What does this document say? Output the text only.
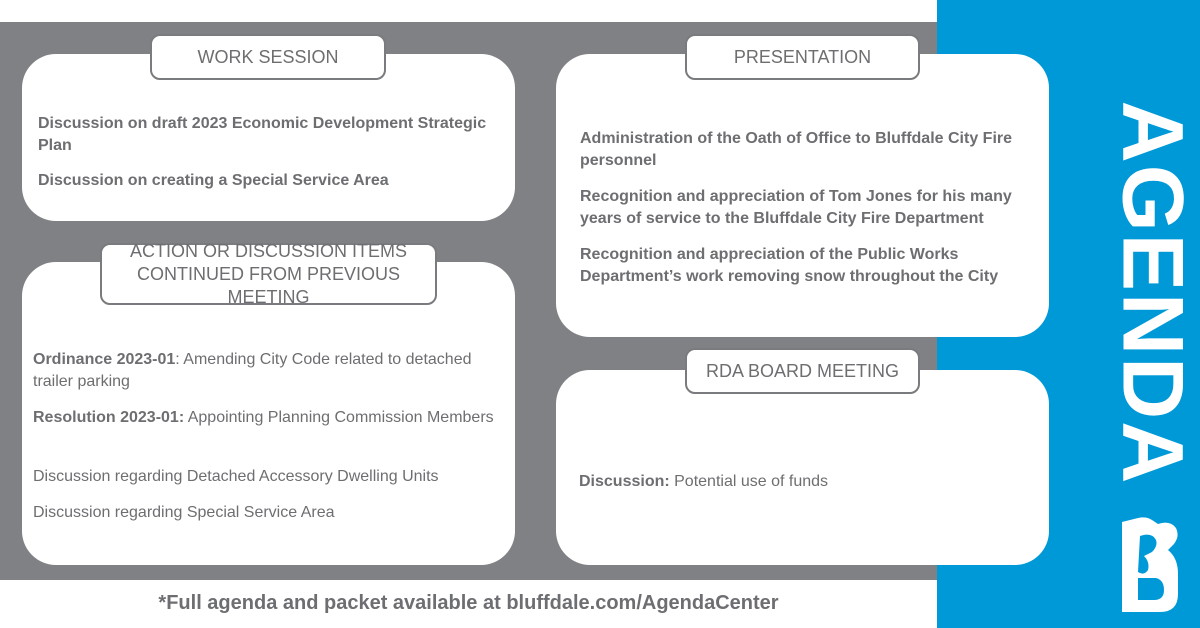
AGENDA
WORK SESSION
Discussion on draft 2023 Economic Development Strategic Plan
Discussion on creating a Special Service Area
PRESENTATION
Administration of the Oath of Office to Bluffdale City Fire personnel
Recognition and appreciation of Tom Jones for his many years of service to the Bluffdale City Fire Department
Recognition and appreciation of the Public Works Department’s work removing snow throughout the City
ACTION OR DISCUSSION ITEMS
CONTINUED FROM PREVIOUS MEETING
Ordinance 2023-01: Amending City Code related to detached trailer parking
Resolution 2023-01: Appointing Planning Commission Members
Discussion regarding Detached Accessory Dwelling Units
Discussion regarding Special Service Area
RDA BOARD MEETING
Discussion: Potential use of funds
*Full agenda and packet available at bluffdale.com/AgendaCenter
